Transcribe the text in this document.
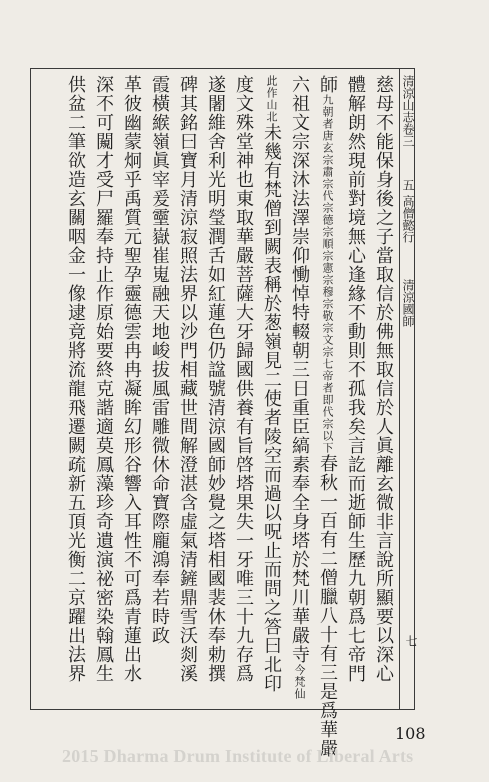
清涼山志卷三
五 高僧懿行
清涼國師
七
慈母不能保身後之子當取信於佛無取信於人眞離玄微非言說所顯要以深心
體解朗然現前對境無心逢緣不動則不孤我矣言訖而逝師生歷九朝爲七帝門
師九朝者唐玄宗肅宗代宗德宗順宗憲宗穆宗敬宗文宗七帝者即代宗以下春秋一百有二僧臘八十有三是爲華嚴
六祖文宗深沐法澤崇仰慟悼特輟朝三日重臣縞素奉全身塔於梵川華嚴寺今梵仙
此作山北未幾有梵僧到闕表稱於葱嶺見二使者陵空而過以呪止而問之答曰北印
度文殊堂神也東取華嚴菩薩大牙歸國供養有旨啓塔果失一牙唯三十九存爲
遂闍維舍利光明瑩潤舌如紅蓮色仍諡號清涼國師妙覺之塔相國裴休奉勅撰
碑其銘曰寶月清涼寂照法界以沙門相藏世間解澄湛含虛氣清鏟鼎雪沃剡溪
霞橫緱嶺眞宰爰𤫊嶽崔嵬融天地峻拔風雷雕微休命寶際龐鴻奉若時政
革彼幽蒙炯乎禹質元聖孕靈德雲冉冉凝眸幻形谷響入耳性不可爲青蓮出水
深不可闚才受尸羅奉持止作原始要終克諧適莫鳳藻珍奇遺演祕密染翰鳳生
供盆二筆欲造玄關咽金一像逮竟將流龍飛遷闕疏新五頂光衡二京躍出法界
108
2015 Dharma Drum Institute of Liberal Arts
